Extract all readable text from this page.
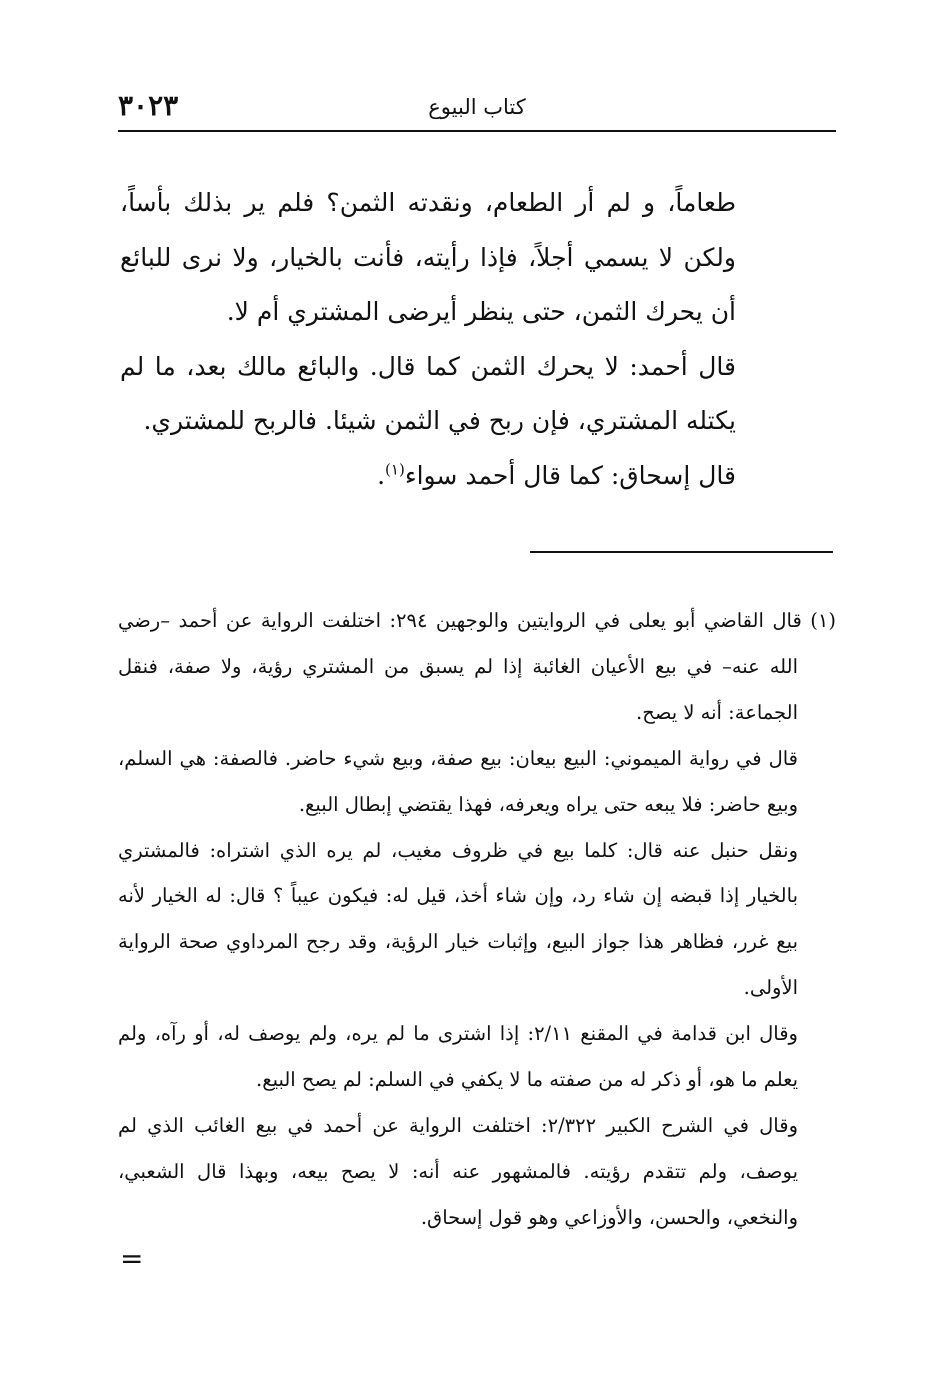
كتاب البيوع
٣٠٢٣

طعاماً، و لم أر الطعام، ونقدته الثمن؟ فلم ير بذلك بأساً، ولكن لا يسمي أجلاً، فإذا رأيته، فأنت بالخيار، ولا نرى للبائع أن يحرك الثمن، حتى ينظر أيرضى المشتري أم لا.

قال أحمد: لا يحرك الثمن كما قال. والبائع مالك بعد، ما لم يكتله المشتري، فإن ربح في الثمن شيئا. فالربح للمشتري.

قال إسحاق: كما قال أحمد سواء$^{(١)}$.

(١) قال القاضي أبو يعلى في الروايتين والوجهين ٢٩٤: اختلفت الرواية عن أحمد –رضي الله عنه– في بيع الأعيان الغائبة إذا لم يسبق من المشتري رؤية، ولا صفة، فنقل الجماعة: أنه لا يصح.

قال في رواية الميموني: البيع بيعان: بيع صفة، وبيع شيء حاضر. فالصفة: هي السلم، وبيع حاضر: فلا يبعه حتى يراه ويعرفه، فهذا يقتضي إبطال البيع.

ونقل حنبل عنه قال: كلما بيع في ظروف مغيب، لم يره الذي اشتراه: فالمشتري بالخيار إذا قبضه إن شاء رد، وإن شاء أخذ، قيل له: فيكون عيباً ؟ قال: له الخيار لأنه بيع غرر، فظاهر هذا جواز البيع، وإثبات خيار الرؤية، وقد رجح المرداوي صحة الرواية الأولى.

وقال ابن قدامة في المقنع ٢/١١: إذا اشترى ما لم يره، ولم يوصف له، أو رآه، ولم يعلم ما هو، أو ذكر له من صفته ما لا يكفي في السلم: لم يصح البيع.

وقال في الشرح الكبير ٢/٣٢٢: اختلفت الرواية عن أحمد في بيع الغائب الذي لم يوصف، ولم تتقدم رؤيته. فالمشهور عنه أنه: لا يصح بيعه، وبهذا قال الشعبي، والنخعي، والحسن، والأوزاعي وهو قول إسحاق.

=
